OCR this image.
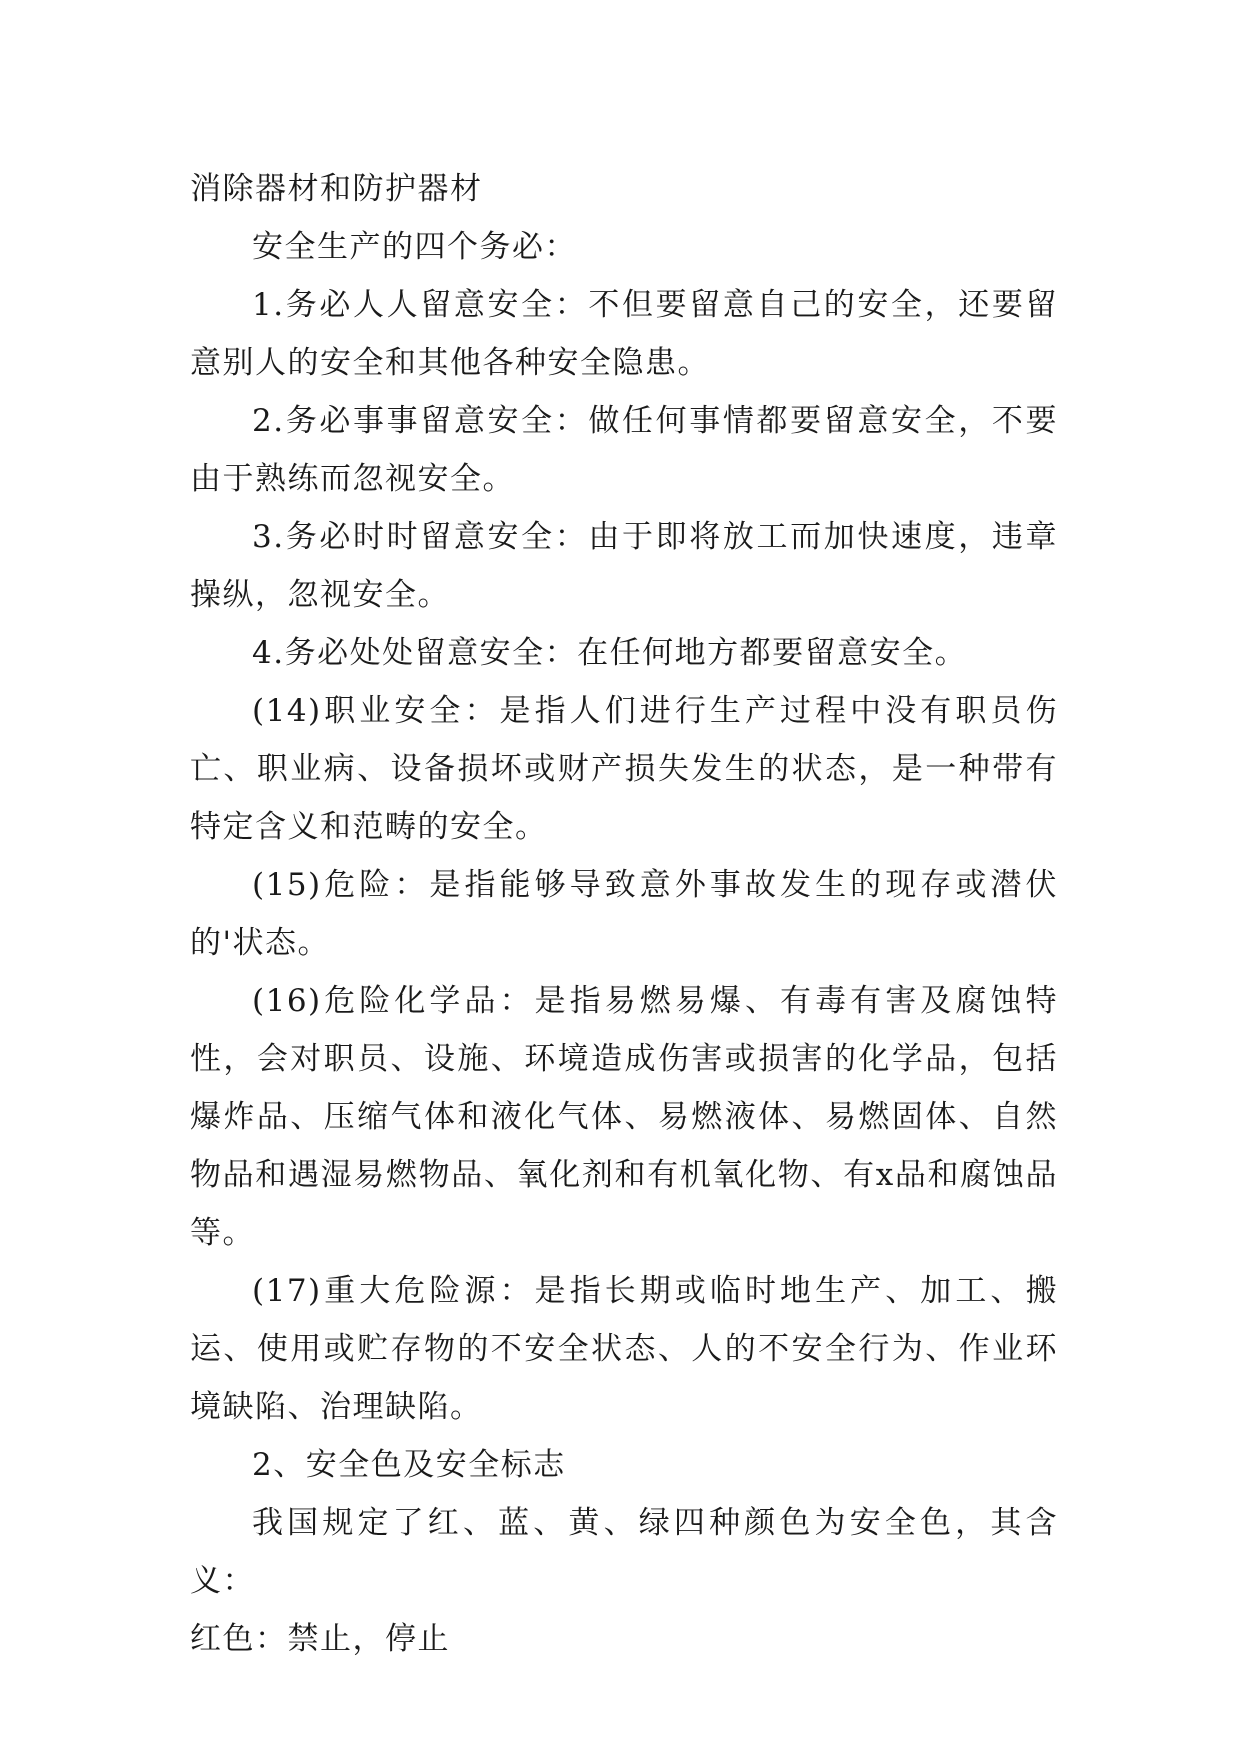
消除器材和防护器材

安全生产的四个务必：

1.务必人人留意安全：不但要留意自己的安全，还要留意别人的安全和其他各种安全隐患。

2.务必事事留意安全：做任何事情都要留意安全，不要由于熟练而忽视安全。

3.务必时时留意安全：由于即将放工而加快速度，违章操纵，忽视安全。

4.务必处处留意安全：在任何地方都要留意安全。

(14)职业安全：是指人们进行生产过程中没有职员伤亡、职业病、设备损坏或财产损失发生的状态，是一种带有特定含义和范畴的安全。

(15)危险：是指能够导致意外事故发生的现存或潜伏的'状态。

(16)危险化学品：是指易燃易爆、有毒有害及腐蚀特性，会对职员、设施、环境造成伤害或损害的化学品，包括爆炸品、压缩气体和液化气体、易燃液体、易燃固体、自然物品和遇湿易燃物品、氧化剂和有机氧化物、有x品和腐蚀品等。

(17)重大危险源：是指长期或临时地生产、加工、搬运、使用或贮存物的不安全状态、人的不安全行为、作业环境缺陷、治理缺陷。

2、安全色及安全标志

我国规定了红、蓝、黄、绿四种颜色为安全色，其含义：

红色：禁止，停止
